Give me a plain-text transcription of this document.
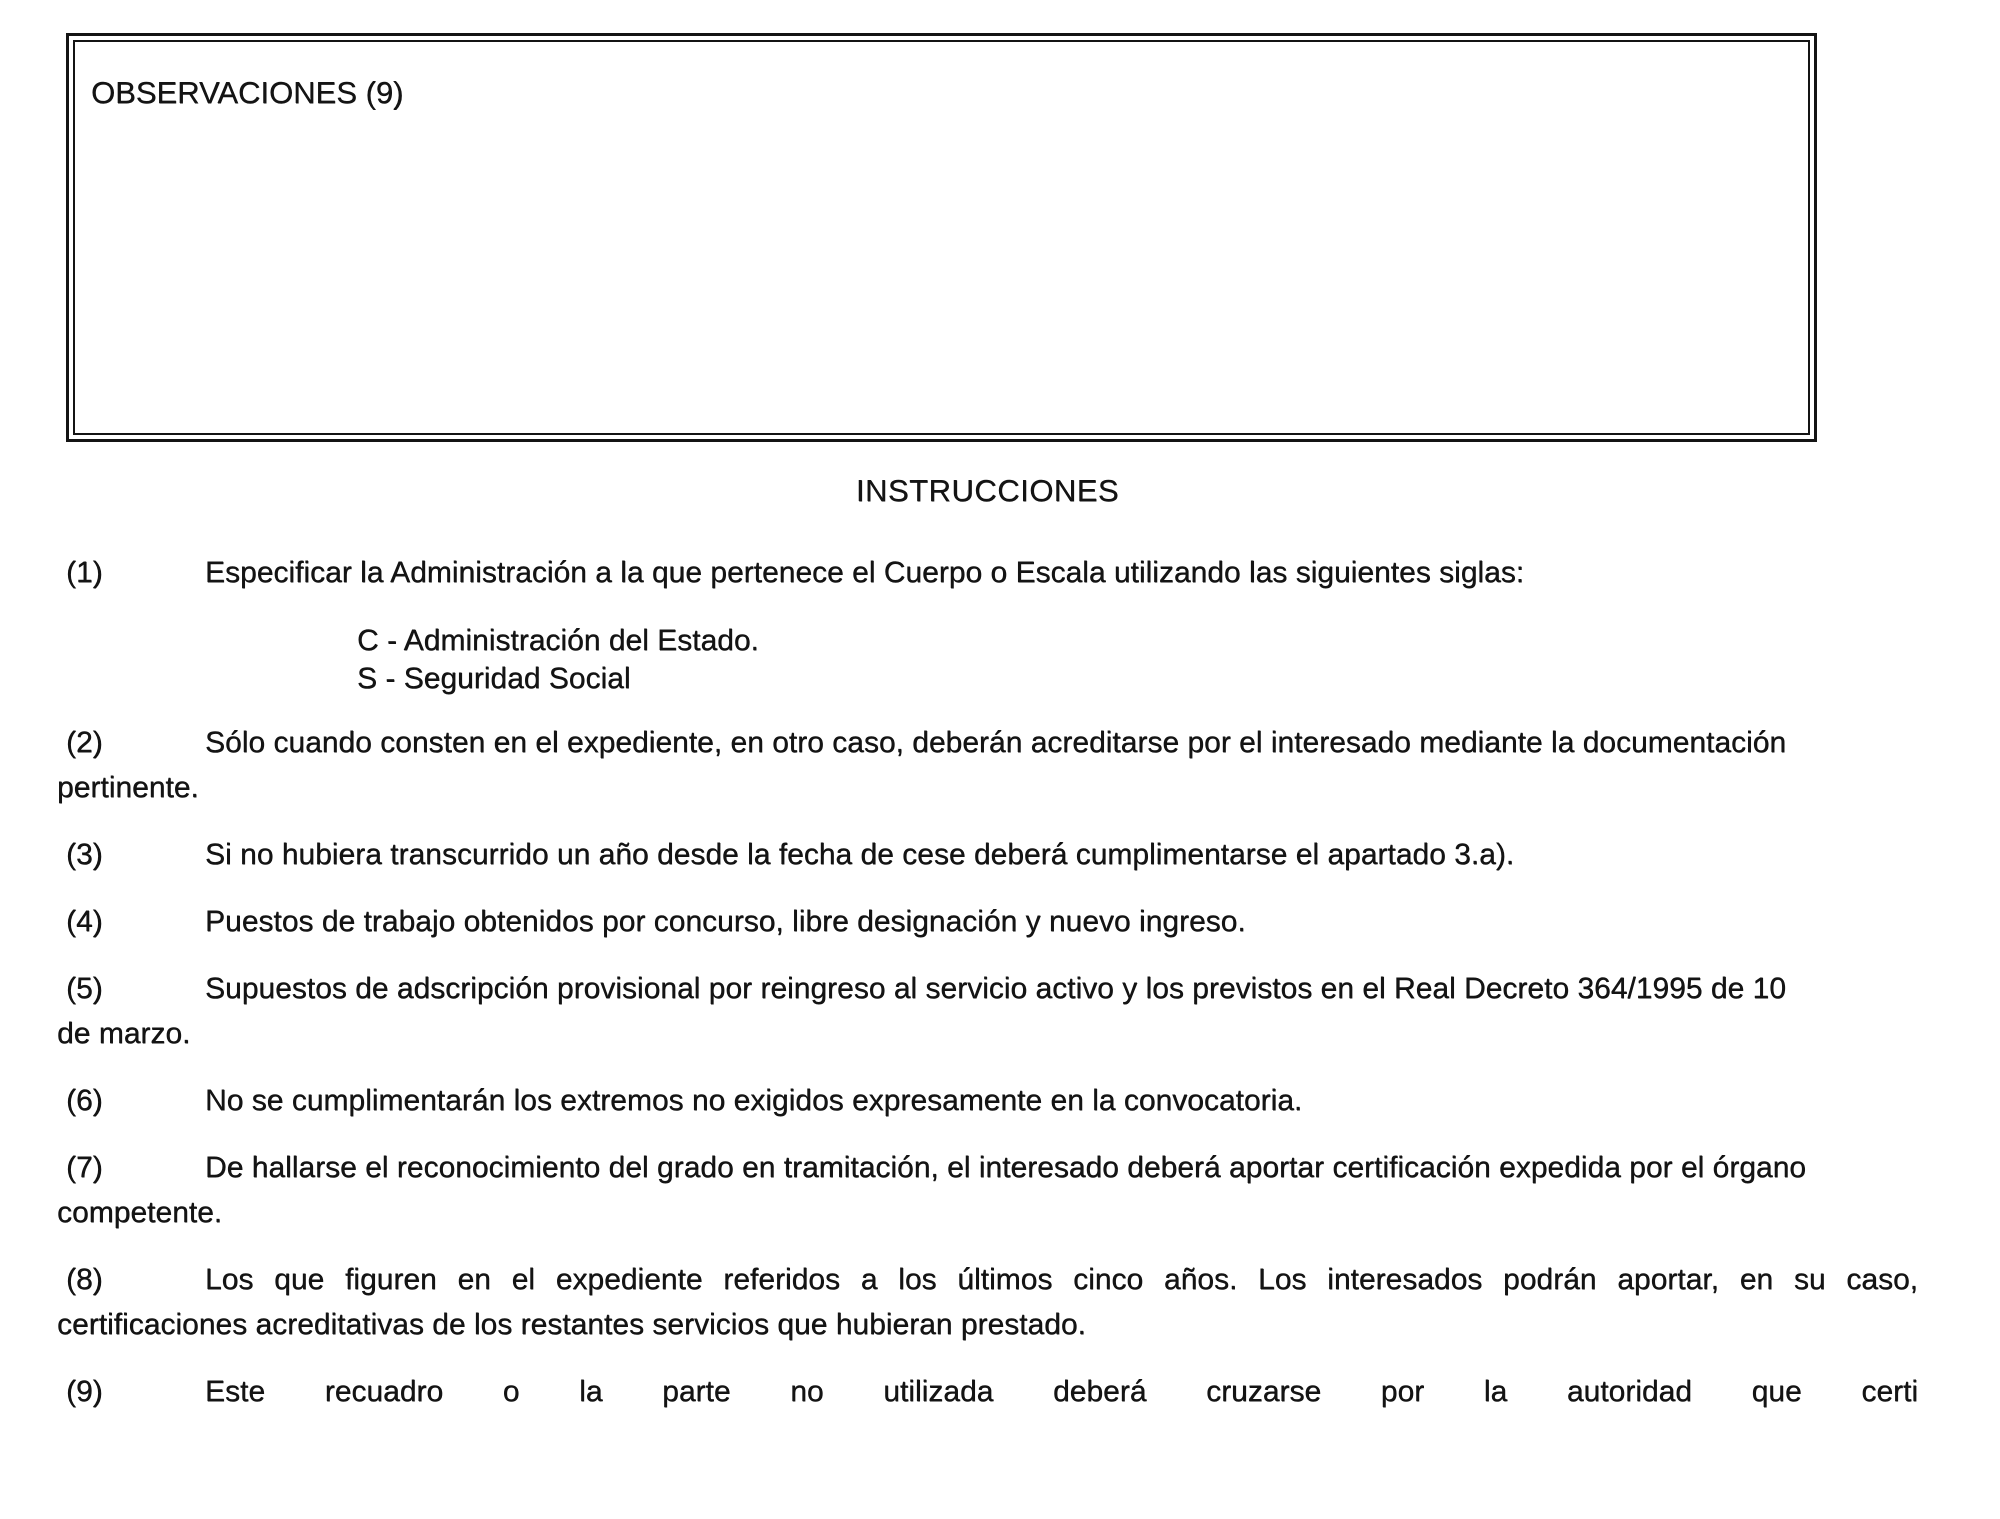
OBSERVACIONES (9)
INSTRUCCIONES
(1)	Especificar la Administración a la que pertenece el Cuerpo o Escala utilizando las siguientes siglas:
C - Administración del Estado.
S - Seguridad Social
(2)	Sólo cuando consten en el expediente, en otro caso, deberán acreditarse por el interesado mediante la documentación
pertinente.
(3)	Si no hubiera transcurrido un año desde la fecha de cese deberá cumplimentarse el apartado 3.a).
(4)	Puestos de trabajo obtenidos por concurso, libre designación y nuevo ingreso.
(5)	Supuestos de adscripción provisional por reingreso al servicio activo y los previstos en el Real Decreto 364/1995 de 10
de marzo.
(6)	No se cumplimentarán los extremos no exigidos expresamente en la convocatoria.
(7)	De hallarse el reconocimiento del grado en tramitación, el interesado deberá aportar certificación expedida por el órgano
competente.
(8)	Los que figuren en el expediente referidos a los últimos cinco años. Los interesados podrán aportar, en su caso,
certificaciones acreditativas de los restantes servicios que hubieran prestado.
(9)	Este recuadro o la parte no utilizada deberá cruzarse por la autoridad que certi
